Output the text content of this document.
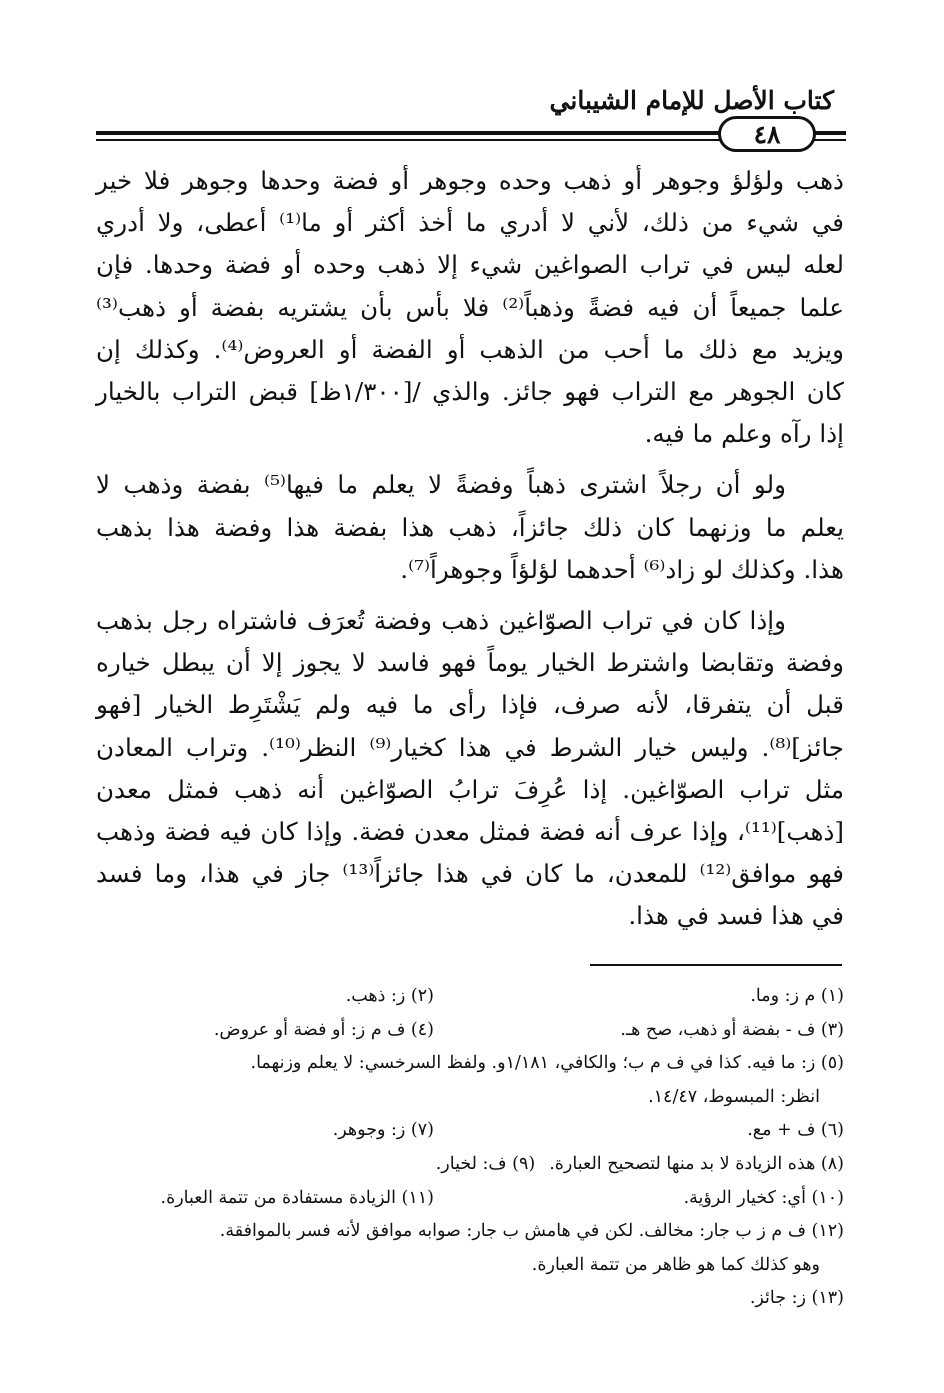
كتاب الأصل للإمام الشيباني
٤٨

ذهب ولؤلؤ وجوهر أو ذهب وحده وجوهر أو فضة وحدها وجوهر فلا خير
في شيء من ذلك، لأني لا أدري ما أخذ أكثر أو ما⁽¹⁾ أعطى، ولا أدري
لعله ليس في تراب الصواغين شيء إلا ذهب وحده أو فضة وحدها. فإن
علما جميعاً أن فيه فضةً وذهباً⁽²⁾ فلا بأس بأن يشتريه بفضة أو ذهب⁽³⁾
ويزيد مع ذلك ما أحب من الذهب أو الفضة أو العروض⁽⁴⁾. وكذلك إن
كان الجوهر مع التراب فهو جائز. والذي /[١/٣٠٠ظ] قبض التراب بالخيار
إذا رآه وعلم ما فيه.

ولو أن رجلاً اشترى ذهباً وفضةً لا يعلم ما فيها⁽⁵⁾ بفضة وذهب لا
يعلم ما وزنهما كان ذلك جائزاً، ذهب هذا بفضة هذا وفضة هذا بذهب
هذا. وكذلك لو زاد⁽⁶⁾ أحدهما لؤلؤاً وجوهراً⁽⁷⁾.

وإذا كان في تراب الصوّاغين ذهب وفضة تُعرَف فاشتراه رجل بذهب
وفضة وتقابضا واشترط الخيار يوماً فهو فاسد لا يجوز إلا أن يبطل خياره
قبل أن يتفرقا، لأنه صرف، فإذا رأى ما فيه ولم يَشْتَرِط الخيار [فهو
جائز]⁽⁸⁾. وليس خيار الشرط في هذا كخيار⁽⁹⁾ النظر⁽¹⁰⁾. وتراب المعادن
مثل تراب الصوّاغين. إذا عُرِفَ ترابُ الصوّاغين أنه ذهب فمثل معدن
[ذهب]⁽¹¹⁾، وإذا عرف أنه فضة فمثل معدن فضة. وإذا كان فيه فضة وذهب
فهو موافق⁽¹²⁾ للمعدن، ما كان في هذا جائزاً⁽¹³⁾ جاز في هذا، وما فسد
في هذا فسد في هذا.

(١) م ز: وما.
(٢) ز: ذهب.
(٣) ف - بفضة أو ذهب، صح هـ.
(٤) ف م ز: أو فضة أو عروض.
(٥) ز: ما فيه. كذا في ف م ب؛ والكافي، ١/١٨١و. ولفظ السرخسي: لا يعلم وزنهما.
انظر: المبسوط، ١٤/٤٧.
(٦) ف + مع.
(٧) ز: وجوهر.
(٨) هذه الزيادة لا بد منها لتصحيح العبارة.
(٩) ف: لخيار.
(١٠) أي: كخيار الرؤية.
(١١) الزيادة مستفادة من تتمة العبارة.
(١٢) ف م ز ب جار: مخالف. لكن في هامش ب جار: صوابه موافق لأنه فسر بالموافقة.
وهو كذلك كما هو ظاهر من تتمة العبارة.
(١٣) ز: جائز.
